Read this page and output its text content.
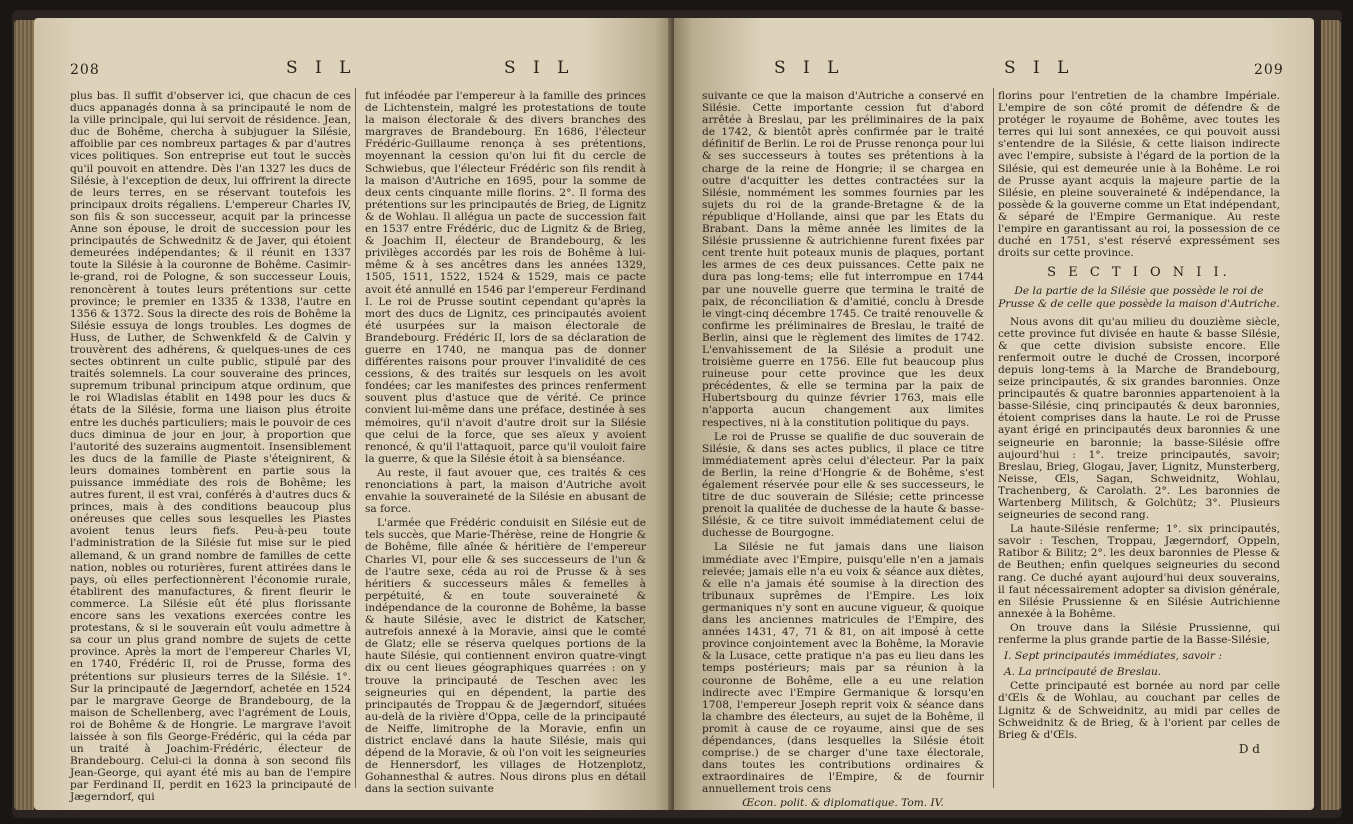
208	S I L	S I L

plus bas. Il suffit d'observer ici, que chacun de ces ducs appanagés donna à sa principauté le nom de la ville principale, qui lui servoit de résidence. Jean, duc de Bohême, chercha à subjuguer la Silésie, affoiblie par ces nombreux partages & par d'autres vices politiques. Son entreprise eut tout le succès qu'il pouvoit en attendre. Dès l'an 1327 les ducs de Silésie, à l'exception de deux, lui offrirent la directe de leurs terres, en se réservant toutefois les principaux droits régaliens. L'empereur Charles IV, son fils & son successeur, acquit par la princesse Anne son épouse, le droit de succession pour les principautés de Schwednitz & de Javer, qui étoient demeurées indépendantes; & il réunit en 1337 toute la Silésie à la couronne de Bohême. Casimir-le-grand, roi de Pologne, & son successeur Louis, renoncèrent à toutes leurs prétentions sur cette province; le premier en 1335 & 1338, l'autre en 1356 & 1372. Sous la directe des rois de Bohême la Silésie essuya de longs troubles. Les dogmes de Huss, de Luther, de Schwenkfeld & de Calvin y trouvèrent des adhérens, & quelques-unes de ces sectes obtinrent un culte public, stipulé par des traités solemnels. La cour souveraine des princes, supremum tribunal principum atque ordinum, que le roi Wladislas établit en 1498 pour les ducs & états de la Silésie, forma une liaison plus étroite entre les duchés particuliers; mais le pouvoir de ces ducs diminua de jour en jour, à proportion que l'autorité des suzerains augmentoit. Insensiblement les ducs de la famille de Piaste s'éteignirent, & leurs domaines tombèrent en partie sous la puissance immédiate des rois de Bohême; les autres furent, il est vrai, conférés à d'autres ducs & princes, mais à des conditions beaucoup plus onéreuses que celles sous lesquelles les Piastes avoient tenus leurs fiefs. Peu-à-peu toute l'administration de la Silésie fut mise sur le pied allemand, & un grand nombre de familles de cette nation, nobles ou roturières, furent attirées dans le pays, où elles perfectionnèrent l'économie rurale, établirent des manufactures, & firent fleurir le commerce. La Silésie eût été plus florissante encore sans les vexations exercées contre les protestans, & si le souverain eût voulu admettre à sa cour un plus grand nombre de sujets de cette province. Après la mort de l'empereur Charles VI, en 1740, Frédéric II, roi de Prusse, forma des prétentions sur plusieurs terres de la Silésie. 1°. Sur la principauté de Jægerndorf, achetée en 1524 par le margrave George de Brandebourg, de la maison de Schellenberg, avec l'agrément de Louis, roi de Bohême & de Hongrie. Le margrave l'avoit laissée à son fils George-Frédéric, qui la céda par un traité à Joachim-Frédéric, électeur de Brandebourg. Celui-ci la donna à son second fils Jean-George, qui ayant été mis au ban de l'empire par Ferdinand II, perdit en 1623 la principauté de Jægerndorf, qui

fut inféodée par l'empereur à la famille des princes de Lichtenstein, malgré les protestations de toute la maison électorale & des divers branches des margraves de Brandebourg. En 1686, l'électeur Frédéric-Guillaume renonça à ses prétentions, moyennant la cession qu'on lui fit du cercle de Schwiebus, que l'électeur Frédéric son fils rendit à la maison d'Autriche en 1695, pour la somme de deux cents cinquante mille florins. 2°. Il forma des prétentions sur les principautés de Brieg, de Lignitz & de Wohlau. Il allégua un pacte de succession fait en 1537 entre Frédéric, duc de Lignitz & de Brieg, & Joachim II, électeur de Brandebourg, & les privilèges accordés par les rois de Bohême à lui-même & à ses ancêtres dans les années 1329, 1505, 1511, 1522, 1524 & 1529, mais ce pacte avoit été annullé en 1546 par l'empereur Ferdinand I. Le roi de Prusse soutint cependant qu'après la mort des ducs de Lignitz, ces principautés avoient été usurpées sur la maison électorale de Brandebourg. Frédéric II, lors de sa déclaration de guerre en 1740, ne manqua pas de donner différentes raisons pour prouver l'invalidité de ces cessions, & des traités sur lesquels on les avoit fondées; car les manifestes des princes renferment souvent plus d'astuce que de vérité. Ce prince convient lui-même dans une préface, destinée à ses mémoires, qu'il n'avoit d'autre droit sur la Silésie que celui de la force, que ses aïeux y avoient renoncé, & qu'il l'attaquoit, parce qu'il vouloit faire la guerre, & que la Silésie étoit à sa bienséance.

Au reste, il faut avouer que, ces traités & ces renonciations à part, la maison d'Autriche avoit envahie la souveraineté de la Silésie en abusant de sa force.

L'armée que Frédéric conduisit en Silésie eut de tels succès, que Marie-Thérèse, reine de Hongrie & de Bohême, fille aînée & héritière de l'empereur Charles VI, pour elle & ses successeurs de l'un & de l'autre sexe, céda au roi de Prusse & à ses héritiers & successeurs mâles & femelles à perpétuité, & en toute souveraineté & indépendance de la couronne de Bohême, la basse & haute Silésie, avec le district de Katscher, autrefois annexé à la Moravie, ainsi que le comté de Glatz; elle se réserva quelques portions de la haute Silésie, qui contiennent environ quatre-vingt dix ou cent lieues géographiques quarrées : on y trouve la principauté de Teschen avec les seigneuries qui en dépendent, la partie des principautés de Troppau & de Jægerndorf, situées au-delà de la rivière d'Oppa, celle de la principauté de Neiffe, limitrophe de la Moravie, enfin un district enclavé dans la haute Silésie, mais qui dépend de la Moravie, & où l'on voit les seigneuries de Hennersdorf, les villages de Hotzenplotz, Gohannesthal & autres. Nous dirons plus en détail dans la section suivante

S I L	S I L	209

suivante ce que la maison d'Autriche a conservé en Silésie. Cette importante cession fut d'abord arrêtée à Breslau, par les préliminaires de la paix de 1742, & bientôt après confirmée par le traité définitif de Berlin. Le roi de Prusse renonça pour lui & ses successeurs à toutes ses prétentions à la charge de la reine de Hongrie; il se chargea en outre d'acquitter les dettes contractées sur la Silésie, nommément les sommes fournies par les sujets du roi de la grande-Bretagne & de la république d'Hollande, ainsi que par les Etats du Brabant. Dans la même année les limites de la Silésie prussienne & autrichienne furent fixées par cent trente huit poteaux munis de plaques, portant les armes de ces deux puissances. Cette paix ne dura pas long-tems; elle fut interrompue en 1744 par une nouvelle guerre que termina le traité de paix, de réconciliation & d'amitié, conclu à Dresde le vingt-cinq décembre 1745. Ce traité renouvelle & confirme les préliminaires de Breslau, le traité de Berlin, ainsi que le règlement des limites de 1742. L'envahissement de la Silésie a produit une troisième guerre en 1756. Elle fut beaucoup plus ruineuse pour cette province que les deux précédentes, & elle se termina par la paix de Hubertsbourg du quinze février 1763, mais elle n'apporta aucun changement aux limites respectives, ni à la constitution politique du pays.

Le roi de Prusse se qualifie de duc souverain de Silésie, & dans ses actes publics, il place ce titre immédiatement après celui d'électeur. Par la paix de Berlin, la reine d'Hongrie & de Bohême, s'est également réservée pour elle & ses successeurs, le titre de duc souverain de Silésie; cette princesse prenoit la qualitée de duchesse de la haute & basse-Silésie, & ce titre suivoit immédiatement celui de duchesse de Bourgogne.

La Silésie ne fut jamais dans une liaison immédiate avec l'Empire, puisqu'elle n'en a jamais relevée; jamais elle n'a eu voix & séance aux diètes, & elle n'a jamais été soumise à la direction des tribunaux suprêmes de l'Empire. Les loix germaniques n'y sont en aucune vigueur, & quoique dans les anciennes matricules de l'Empire, des années 1431, 47, 71 & 81, on ait imposé à cette province conjointement avec la Bohême, la Moravie & la Lusace, cette pratique n'a pas eu lieu dans les temps postérieurs; mais par sa réunion à la couronne de Bohême, elle a eu une relation indirecte avec l'Empire Germanique & lorsqu'en 1708, l'empereur Joseph reprit voix & séance dans la chambre des électeurs, au sujet de la Bohême, il promit à cause de ce royaume, ainsi que de ses dépendances, (dans lesquelles la Silésie étoit comprise.) de se charger d'une taxe électorale, dans toutes les contributions ordinaires & extraordinaires de l'Empire, & de fournir annuellement trois cens

Œcon. polit. & diplomatique. Tom. IV.

florins pour l'entretien de la chambre Impériale. L'empire de son côté promit de défendre & de protéger le royaume de Bohême, avec toutes les terres qui lui sont annexées, ce qui pouvoit aussi s'entendre de la Silésie, & cette liaison indirecte avec l'empire, subsiste à l'égard de la portion de la Silésie, qui est demeurée unie à la Bohême. Le roi de Prusse ayant acquis la majeure partie de la Silésie, en pleine souveraineté & indépendance, la possède & la gouverne comme un Etat indépendant, & séparé de l'Empire Germanique. Au reste l'empire en garantissant au roi, la possession de ce duché en 1751, s'est réservé expressément ses droits sur cette province.

S E C T I O N I I.
De la partie de la Silésie que possède le roi de Prusse & de celle que possède la maison d'Autriche.

Nous avons dit qu'au milieu du douzième siècle, cette province fut divisée en haute & basse Silésie, & que cette division subsiste encore. Elle renfermoit outre le duché de Crossen, incorporé depuis long-tems à la Marche de Brandebourg, seize principautés, & six grandes baronnies. Onze principautés & quatre baronnies appartenoient à la basse-Silésie, cinq principautés & deux baronnies, étoient comprises dans la haute. Le roi de Prusse ayant érigé en principautés deux baronnies & une seigneurie en baronnie; la basse-Silésie offre aujourd'hui : 1°. treize principautés, savoir; Breslau, Brieg, Glogau, Javer, Lignitz, Munsterberg, Neisse, Œls, Sagan, Schweidnitz, Wohlau, Trachenberg, & Carolath. 2°. Les baronnies de Wartenberg Militsch, & Golchütz; 3°. Plusieurs seigneuries de second rang.

La haute-Silésie renferme; 1°. six principautés, savoir : Teschen, Troppau, Jægerndorf, Oppeln, Ratibor & Bilitz; 2°. les deux baronnies de Plesse & de Beuthen; enfin quelques seigneuries du second rang. Ce duché ayant aujourd'hui deux souverains, il faut nécessairement adopter sa division générale, en Silésie Prussienne & en Silésie Autrichienne annexée à la Bohême.

On trouve dans la Silésie Prussienne, qui renferme la plus grande partie de la Basse-Silésie,

I. Sept principautés immédiates, savoir :

A. La principauté de Breslau.

Cette principauté est bornée au nord par celle d'Œls & de Wohlau, au couchant par celles de Lignitz & de Schweidnitz, au midi par celles de Schweidnitz & de Brieg, & à l'orient par celles de Brieg & d'Œls.

D d
